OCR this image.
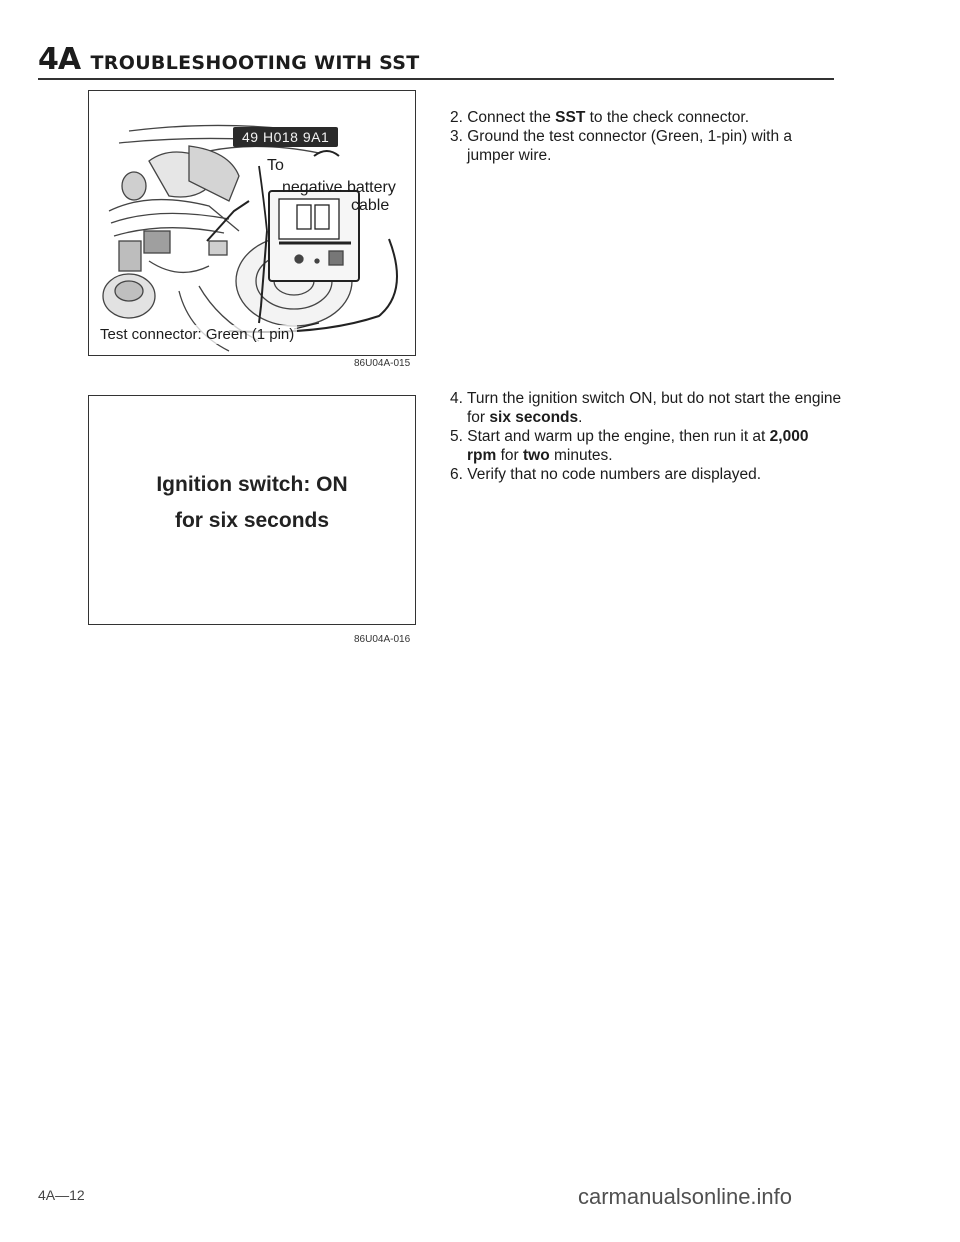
4A TROUBLESHOOTING WITH SST
49 H018 9A1
To
negative battery
cable
Test connector: Green (1 pin)
86U04A-015
Ignition switch: ON
for six seconds
86U04A-016
2. Connect the SST to the check connector.
3. Ground the test connector (Green, 1-pin) with a jumper wire.
4. Turn the ignition switch ON, but do not start the engine for six seconds.
5. Start and warm up the engine, then run it at 2,000 rpm for two minutes.
6. Verify that no code numbers are displayed.
4A—12	carmanualsonline.info
